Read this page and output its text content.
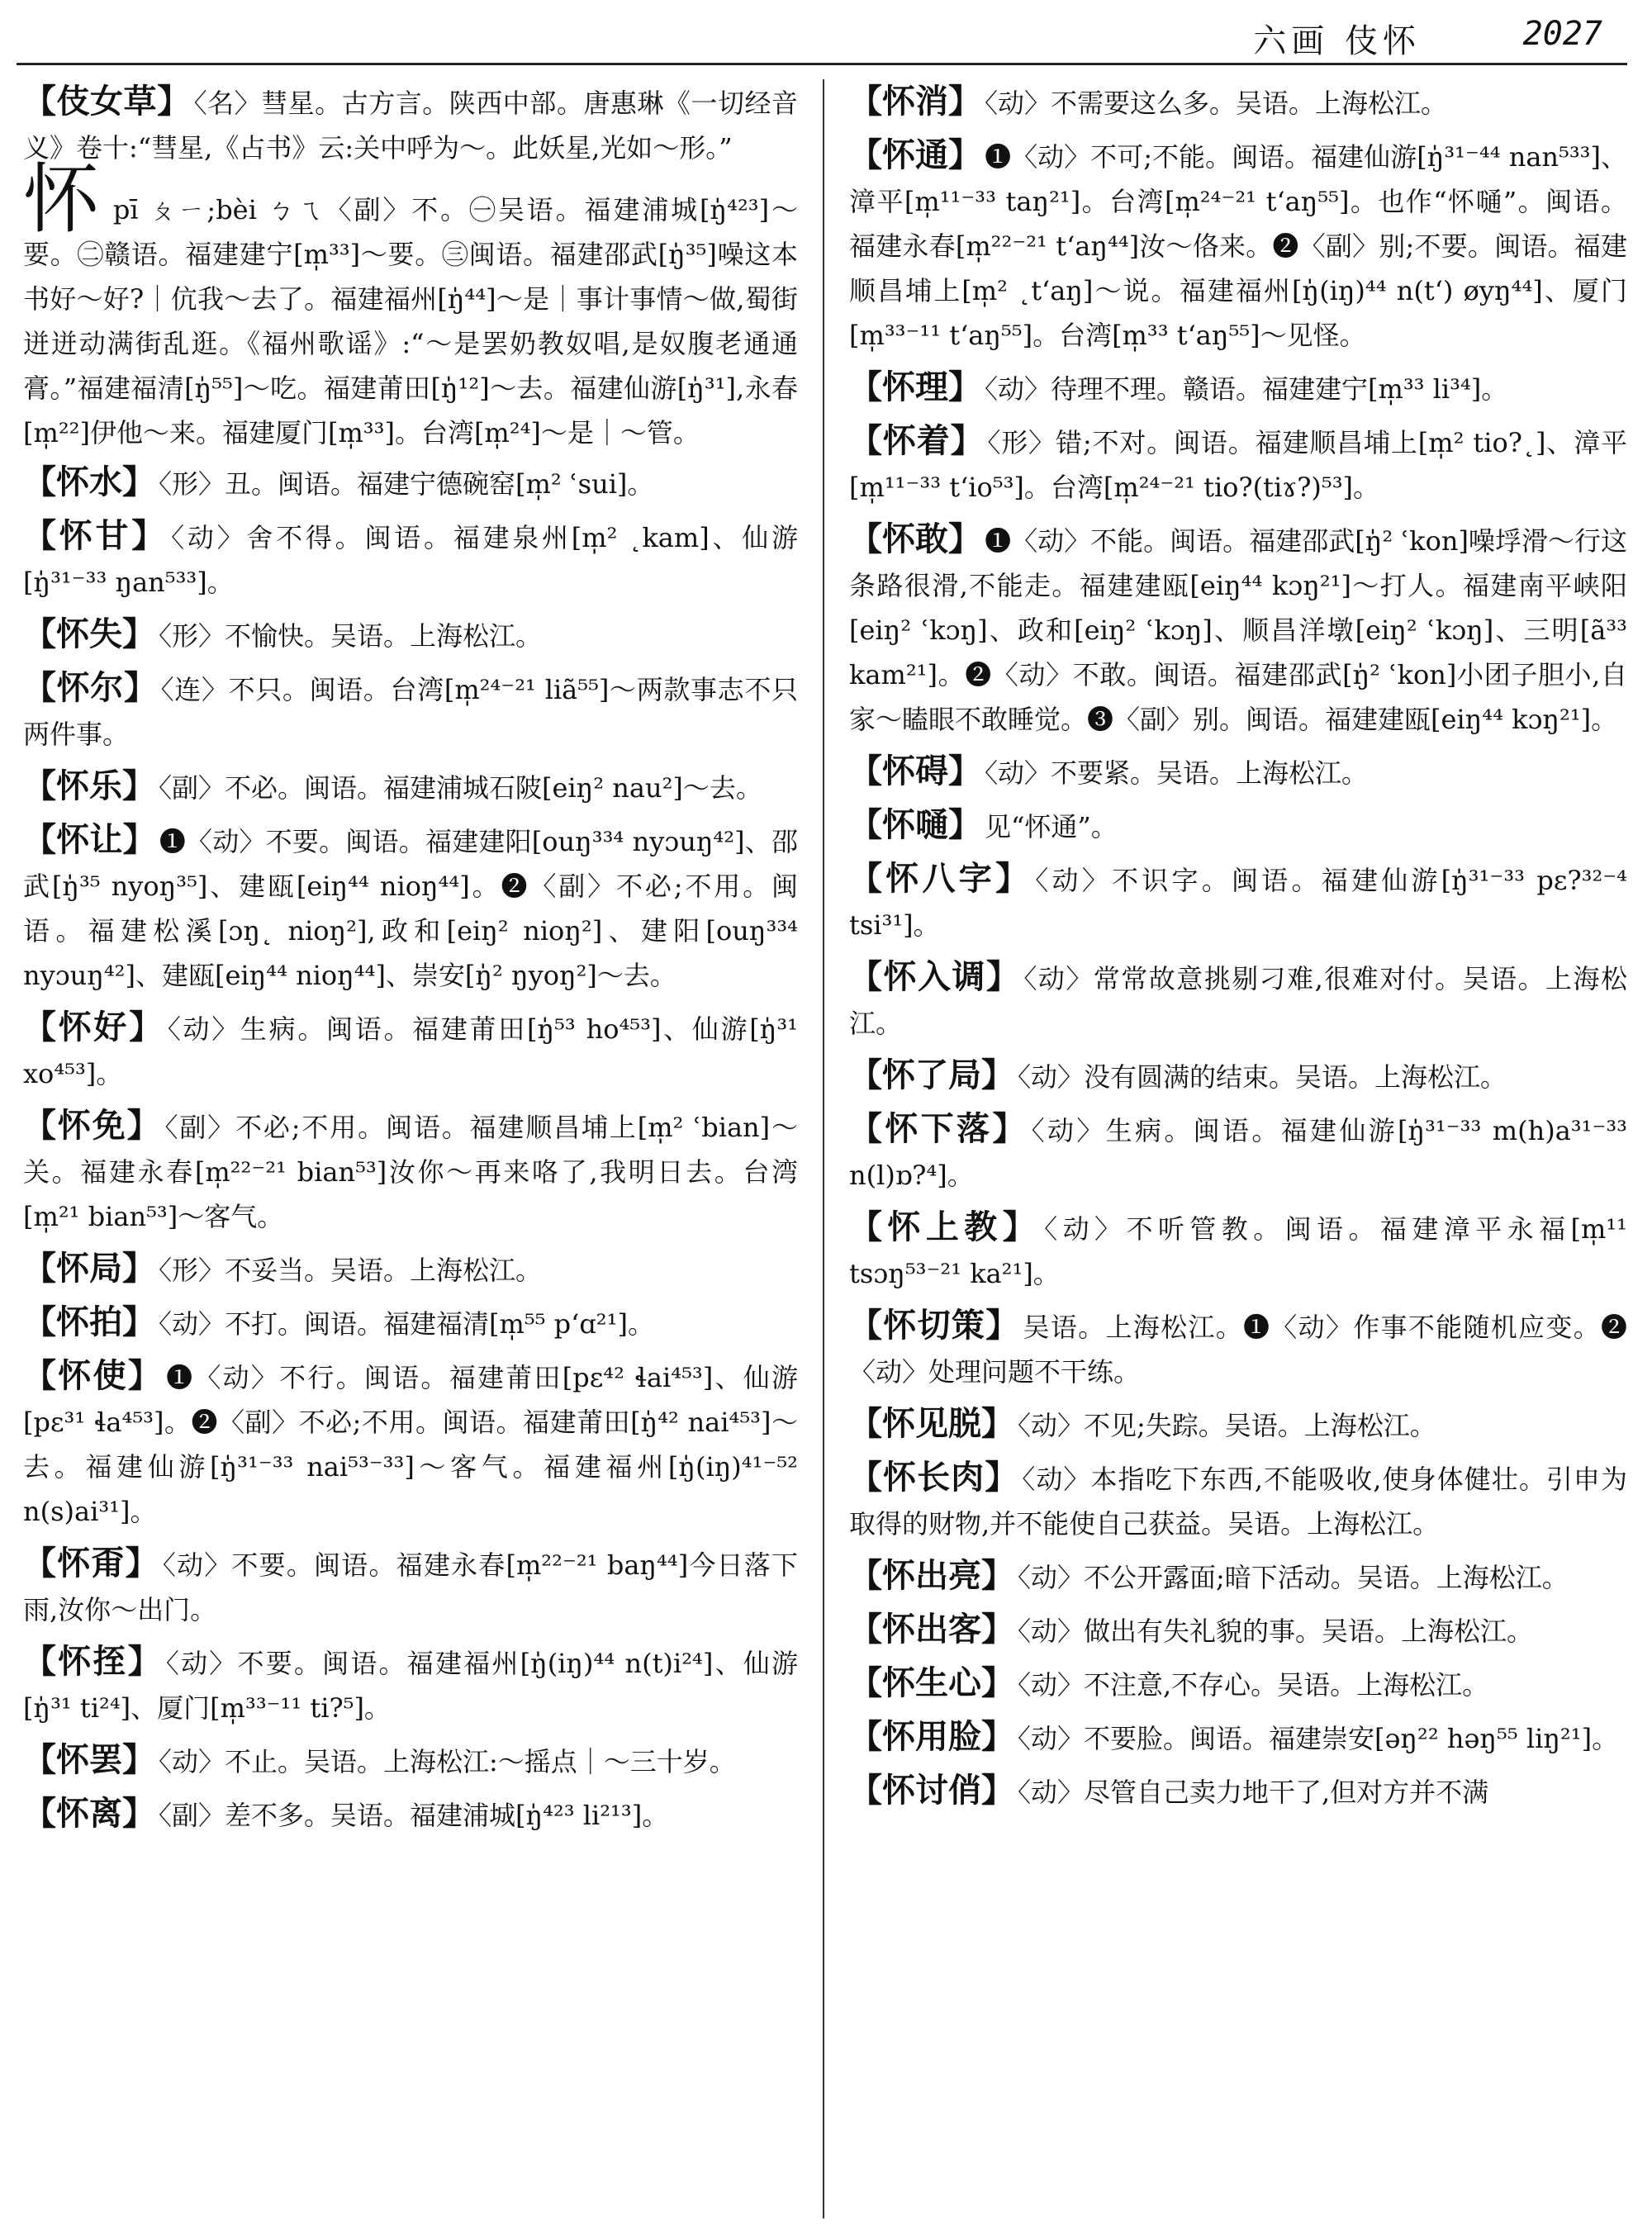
六画 伎怀	2027

【伎女草】 〈名〉彗星。古方言。陕西中部。唐惠琳《一切经音义》卷十:“彗星,《占书》云:关中呼为～。此妖星,光如～形。”

怀pī ㄆㄧ;bèi ㄅㄟ〈副〉不。㊀吴语。福建浦城[ŋ̍⁴²³]～要。㊁赣语。福建建宁[m̩³³]～要。㊂闽语。福建邵武[ŋ̍³⁵]噪这本书好～好?｜伉我～去了。福建福州[ŋ̍⁴⁴]～是｜事计事情～做,蜀街迸迸动满街乱逛。《福州歌谣》:“～是罢奶教奴唱,是奴腹老通通膏。”福建福清[ŋ̍⁵⁵]～吃。福建莆田[ŋ̍¹²]～去。福建仙游[ŋ̍³¹],永春[m̩²²]伊他～来。福建厦门[m̩³³]。台湾[m̩²⁴]～是｜～管。

【怀水】 〈形〉丑。闽语。福建宁德碗窑[m̩² ʿsui]。

【怀甘】 〈动〉舍不得。闽语。福建泉州[m̩² ˛kam]、仙游[ŋ̍³¹⁻³³ ŋan⁵³³]。

【怀失】 〈形〉不愉快。吴语。上海松江。

【怀尔】 〈连〉不只。闽语。台湾[m̩²⁴⁻²¹ liã⁵⁵]～两款事志不只两件事。

【怀乐】 〈副〉不必。闽语。福建浦城石陂[eiŋ² nau²]～去。

【怀让】 ❶〈动〉不要。闽语。福建建阳[ouŋ³³⁴ nyɔuŋ⁴²]、邵武[ŋ̍³⁵ nyoŋ³⁵]、建瓯[eiŋ⁴⁴ nioŋ⁴⁴]。❷〈副〉不必;不用。闽语。福建松溪[ɔŋ˛ nioŋ²],政和[eiŋ² nioŋ²]、建阳[ouŋ³³⁴ nyɔuŋ⁴²]、建瓯[eiŋ⁴⁴ nioŋ⁴⁴]、崇安[ŋ̍² ŋyoŋ²]～去。

【怀好】 〈动〉生病。闽语。福建莆田[ŋ̍⁵³ ho⁴⁵³]、仙游[ŋ̍³¹ xo⁴⁵³]。

【怀免】 〈副〉不必;不用。闽语。福建顺昌埔上[m̩² ʿbian]～关。福建永春[m̩²²⁻²¹ bian⁵³]汝你～再来咯了,我明日去。台湾[m̩²¹ bian⁵³]～客气。

【怀局】 〈形〉不妥当。吴语。上海松江。

【怀拍】 〈动〉不打。闽语。福建福清[m̩⁵⁵ pʻɑ²¹]。

【怀使】 ❶〈动〉不行。闽语。福建莆田[pɛ⁴² ɬai⁴⁵³]、仙游[pɛ³¹ ɬa⁴⁵³]。❷〈副〉不必;不用。闽语。福建莆田[ŋ̍⁴² nai⁴⁵³]～去。福建仙游[ŋ̍³¹⁻³³ nai⁵³⁻³³]～客气。福建福州[ŋ̍(iŋ)⁴¹⁻⁵² n(s)ai³¹]。

【怀甭】 〈动〉不要。闽语。福建永春[m̩²²⁻²¹ baŋ⁴⁴]今日落下雨,汝你～出门。

【怀挃】 〈动〉不要。闽语。福建福州[ŋ̍(iŋ)⁴⁴ n(t)i²⁴]、仙游[ŋ̍³¹ ti²⁴]、厦门[m̩³³⁻¹¹ ti?⁵]。

【怀罢】 〈动〉不止。吴语。上海松江:～摇点｜～三十岁。

【怀离】 〈副〉差不多。吴语。福建浦城[ŋ̍⁴²³ li²¹³]。

【怀消】 〈动〉不需要这么多。吴语。上海松江。

【怀通】 ❶〈动〉不可;不能。闽语。福建仙游[ŋ̍³¹⁻⁴⁴ nan⁵³³]、漳平[m̩¹¹⁻³³ taŋ²¹]。台湾[m̩²⁴⁻²¹ tʻaŋ⁵⁵]。也作“怀嗵”。闽语。福建永春[m̩²²⁻²¹ tʻaŋ⁴⁴]汝～佫来。❷〈副〉别;不要。闽语。福建顺昌埔上[m̩² ˛tʻaŋ]～说。福建福州[ŋ̍(iŋ)⁴⁴ n(tʻ) øyŋ⁴⁴]、厦门[m̩³³⁻¹¹ tʻaŋ⁵⁵]。台湾[m̩³³ tʻaŋ⁵⁵]～见怪。

【怀理】 〈动〉待理不理。赣语。福建建宁[m̩³³ li³⁴]。

【怀着】 〈形〉错;不对。闽语。福建顺昌埔上[m̩² tio?˛]、漳平[m̩¹¹⁻³³ tʻio⁵³]。台湾[m̩²⁴⁻²¹ tio?(tiɤ?)⁵³]。

【怀敢】 ❶〈动〉不能。闽语。福建邵武[ŋ̍² ʿkon]噪垺滑～行这条路很滑,不能走。福建建瓯[eiŋ⁴⁴ kɔŋ²¹]～打人。福建南平峡阳[eiŋ² ʿkɔŋ]、政和[eiŋ² ʿkɔŋ]、顺昌洋墩[eiŋ² ʿkɔŋ]、三明[ã³³ kam²¹]。❷〈动〉不敢。闽语。福建邵武[ŋ̍² ʿkon]小团子胆小,自家～瞌眼不敢睡觉。❸〈副〉别。闽语。福建建瓯[eiŋ⁴⁴ kɔŋ²¹]。

【怀碍】 〈动〉不要紧。吴语。上海松江。

【怀嗵】 见“怀通”。

【怀八字】 〈动〉不识字。闽语。福建仙游[ŋ̍³¹⁻³³ pɛ?³²⁻⁴ tsi³¹]。

【怀入调】 〈动〉常常故意挑剔刁难,很难对付。吴语。上海松江。

【怀了局】 〈动〉没有圆满的结束。吴语。上海松江。

【怀下落】 〈动〉生病。闽语。福建仙游[ŋ̍³¹⁻³³ m(h)a³¹⁻³³ n(l)ɒ?⁴]。

【怀上教】 〈动〉不听管教。闽语。福建漳平永福[m̩¹¹ tsɔŋ⁵³⁻²¹ ka²¹]。

【怀切策】 吴语。上海松江。❶〈动〉作事不能随机应变。❷〈动〉处理问题不干练。

【怀见脱】 〈动〉不见;失踪。吴语。上海松江。

【怀长肉】 〈动〉本指吃下东西,不能吸收,使身体健壮。引申为取得的财物,并不能使自己获益。吴语。上海松江。

【怀出亮】 〈动〉不公开露面;暗下活动。吴语。上海松江。

【怀出客】 〈动〉做出有失礼貌的事。吴语。上海松江。

【怀生心】 〈动〉不注意,不存心。吴语。上海松江。

【怀用脸】 〈动〉不要脸。闽语。福建崇安[əŋ²² həŋ⁵⁵ liŋ²¹]。

【怀讨俏】 〈动〉尽管自己卖力地干了,但对方并不满
